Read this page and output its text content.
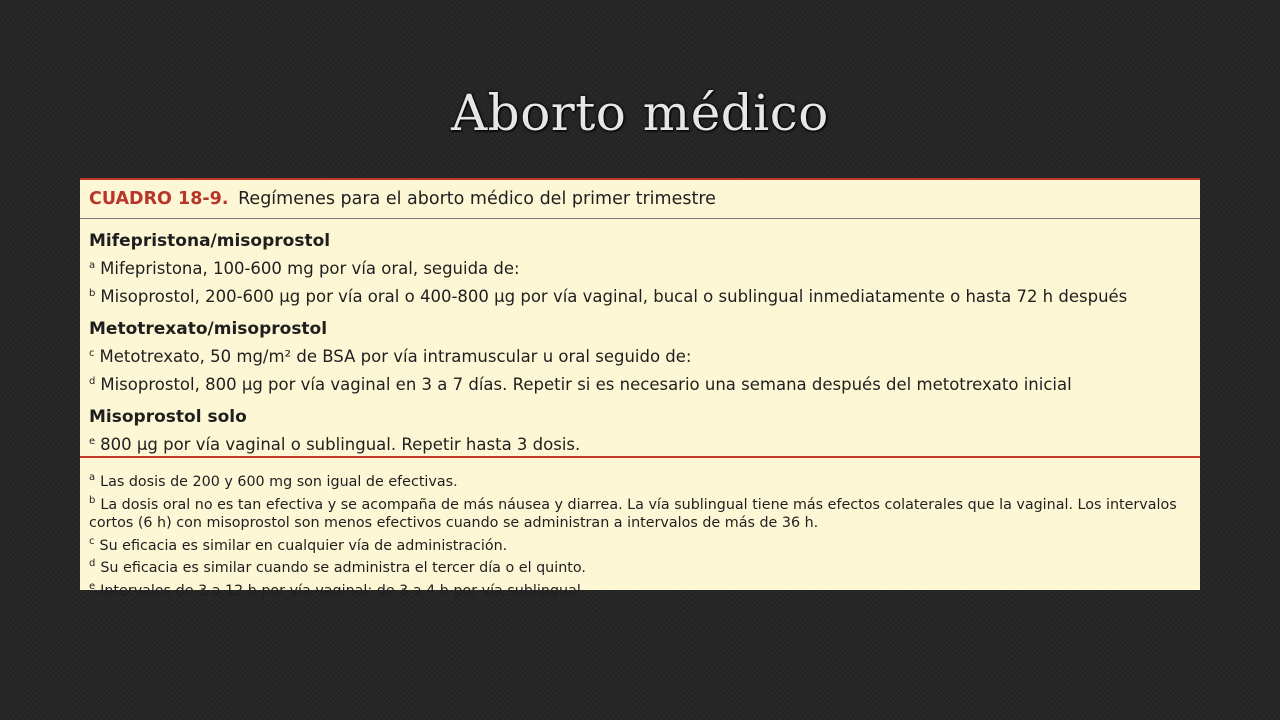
Aborto médico
CUADRO 18-9. Regímenes para el aborto médico del primer trimestre
Mifepristona/misoprostol
$^a$ Mifepristona, 100-600 mg por vía oral, seguida de:
$^b$ Misoprostol, 200-600 μg por vía oral o 400-800 μg por vía vaginal, bucal o sublingual inmediatamente o hasta 72 h después
Metotrexato/misoprostol
$^c$ Metotrexato, 50 mg/m² de BSA por vía intramuscular u oral seguido de:
$^d$ Misoprostol, 800 μg por vía vaginal en 3 a 7 días. Repetir si es necesario una semana después del metotrexato inicial
Misoprostol solo
$^e$ 800 μg por vía vaginal o sublingual. Repetir hasta 3 dosis.
$^a$ Las dosis de 200 y 600 mg son igual de efectivas.
$^b$ La dosis oral no es tan efectiva y se acompaña de más náusea y diarrea. La vía sublingual tiene más efectos colaterales que la vaginal. Los intervalos cortos (6 h) con misoprostol son menos efectivos cuando se administran a intervalos de más de 36 h.
$^c$ Su eficacia es similar en cualquier vía de administración.
$^d$ Su eficacia es similar cuando se administra el tercer día o el quinto.
$^e$ Intervalos de 3 a 12 h por vía vaginal; de 3 a 4 h por vía sublingual.
